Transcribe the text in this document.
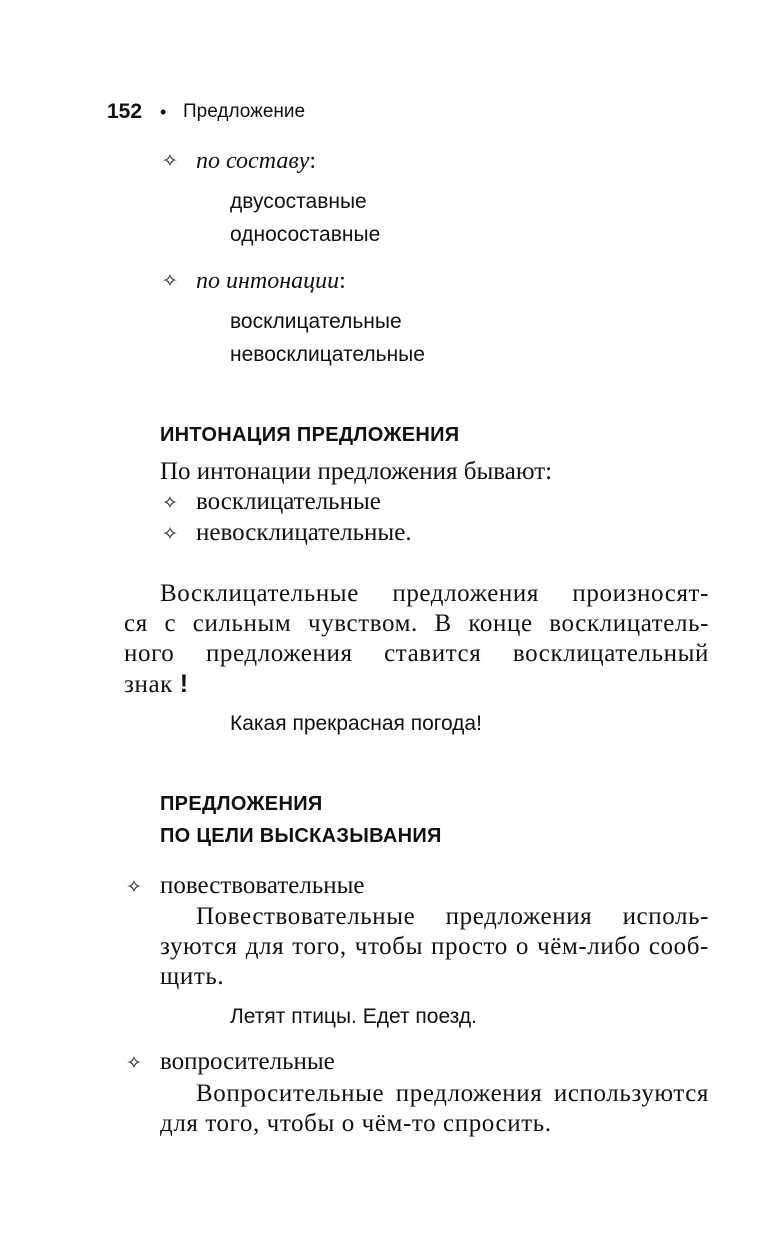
152 • Предложение
✧ по составу:
двусоставные
односоставные
✧ по интонации:
восклицательные
невосклицательные
ИНТОНАЦИЯ ПРЕДЛОЖЕНИЯ
По интонации предложения бывают:
✧ восклицательные
✧ невосклицательные.
Восклицательные предложения произносят-
ся с сильным чувством. В конце восклицатель-
ного предложения ставится восклицательный
знак !
Какая прекрасная погода!
ПРЕДЛОЖЕНИЯ
ПО ЦЕЛИ ВЫСКАЗЫВАНИЯ
✧ повествовательные
Повествовательные предложения исполь-
зуются для того, чтобы просто о чём-либо сооб-
щить.
Летят птицы. Едет поезд.
✧ вопросительные
Вопросительные предложения используются
для того, чтобы о чём-то спросить.
